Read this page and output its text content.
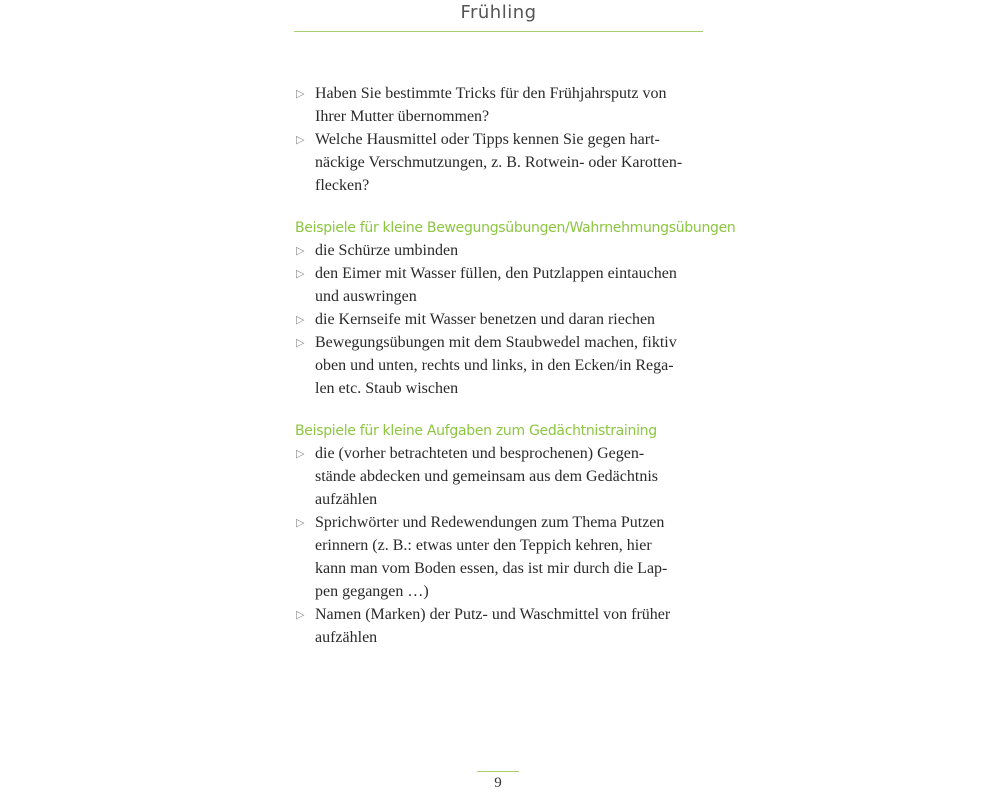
Frühling
▷ Haben Sie bestimmte Tricks für den Frühjahrsputz von
Ihrer Mutter übernommen?
▷ Welche Hausmittel oder Tipps kennen Sie gegen hart-
näckige Verschmutzungen, z. B. Rotwein- oder Karotten-
flecken?
Beispiele für kleine Bewegungsübungen/Wahrnehmungsübungen
▷ die Schürze umbinden
▷ den Eimer mit Wasser füllen, den Putzlappen eintauchen
und auswringen
▷ die Kernseife mit Wasser benetzen und daran riechen
▷ Bewegungsübungen mit dem Staubwedel machen, fiktiv
oben und unten, rechts und links, in den Ecken/in Rega-
len etc. Staub wischen
Beispiele für kleine Aufgaben zum Gedächtnistraining
▷ die (vorher betrachteten und besprochenen) Gegen-
stände abdecken und gemeinsam aus dem Gedächtnis
aufzählen
▷ Sprichwörter und Redewendungen zum Thema Putzen
erinnern (z. B.: etwas unter den Teppich kehren, hier
kann man vom Boden essen, das ist mir durch die Lap-
pen gegangen …)
▷ Namen (Marken) der Putz- und Waschmittel von früher
aufzählen
9
